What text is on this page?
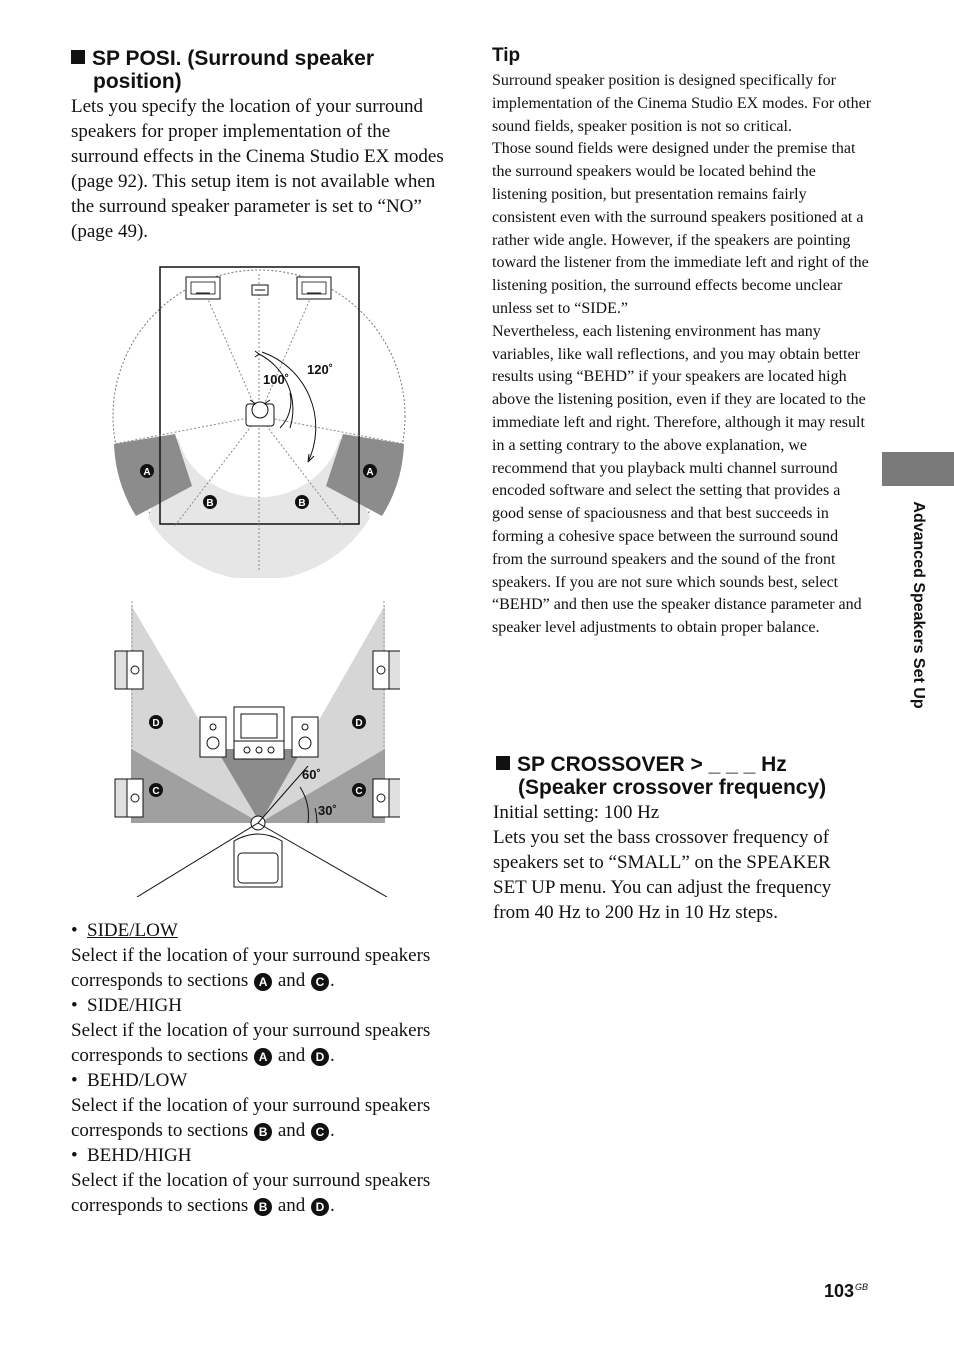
SP POSI. (Surround speaker
position)

Lets you specify the location of your surround speakers for proper implementation of the surround effects in the Cinema Studio EX modes (page 92). This setup item is not available when the surround speaker parameter is set to “NO” (page 49).

100˚
120˚
A	A
B	B
60˚
30˚
D	D
C	C
• SIDE/LOW
Select if the location of your surround speakers corresponds to sections A and C .
• SIDE/HIGH
Select if the location of your surround speakers corresponds to sections A and D .
• BEHD/LOW
Select if the location of your surround speakers corresponds to sections B and C .
• BEHD/HIGH
Select if the location of your surround speakers corresponds to sections B and D .
Tip

Surround speaker position is designed specifically for implementation of the Cinema Studio EX modes. For other sound fields, speaker position is not so critical.

Those sound fields were designed under the premise that the surround speakers would be located behind the listening position, but presentation remains fairly consistent even with the surround speakers positioned at a rather wide angle. However, if the speakers are pointing toward the listener from the immediate left and right of the listening position, the surround effects become unclear unless set to “SIDE.”

Nevertheless, each listening environment has many variables, like wall reflections, and you may obtain better results using “BEHD” if your speakers are located high above the listening position, even if they are located to the immediate left and right. Therefore, although it may result in a setting contrary to the above explanation, we recommend that you playback multi channel surround encoded software and select the setting that provides a good sense of spaciousness and that best succeeds in forming a cohesive space between the surround sound from the surround speakers and the sound of the front speakers. If you are not sure which sounds best, select “BEHD” and then use the speaker distance parameter and speaker level adjustments to obtain proper balance.

SP CROSSOVER > _ _ _ Hz
(Speaker crossover frequency)

Initial setting: 100 Hz

Lets you set the bass crossover frequency of speakers set to “SMALL” on the SPEAKER SET UP menu. You can adjust the frequency from 40 Hz to 200 Hz in 10 Hz steps.

Advanced Speakers Set Up
$103^{GB}$
